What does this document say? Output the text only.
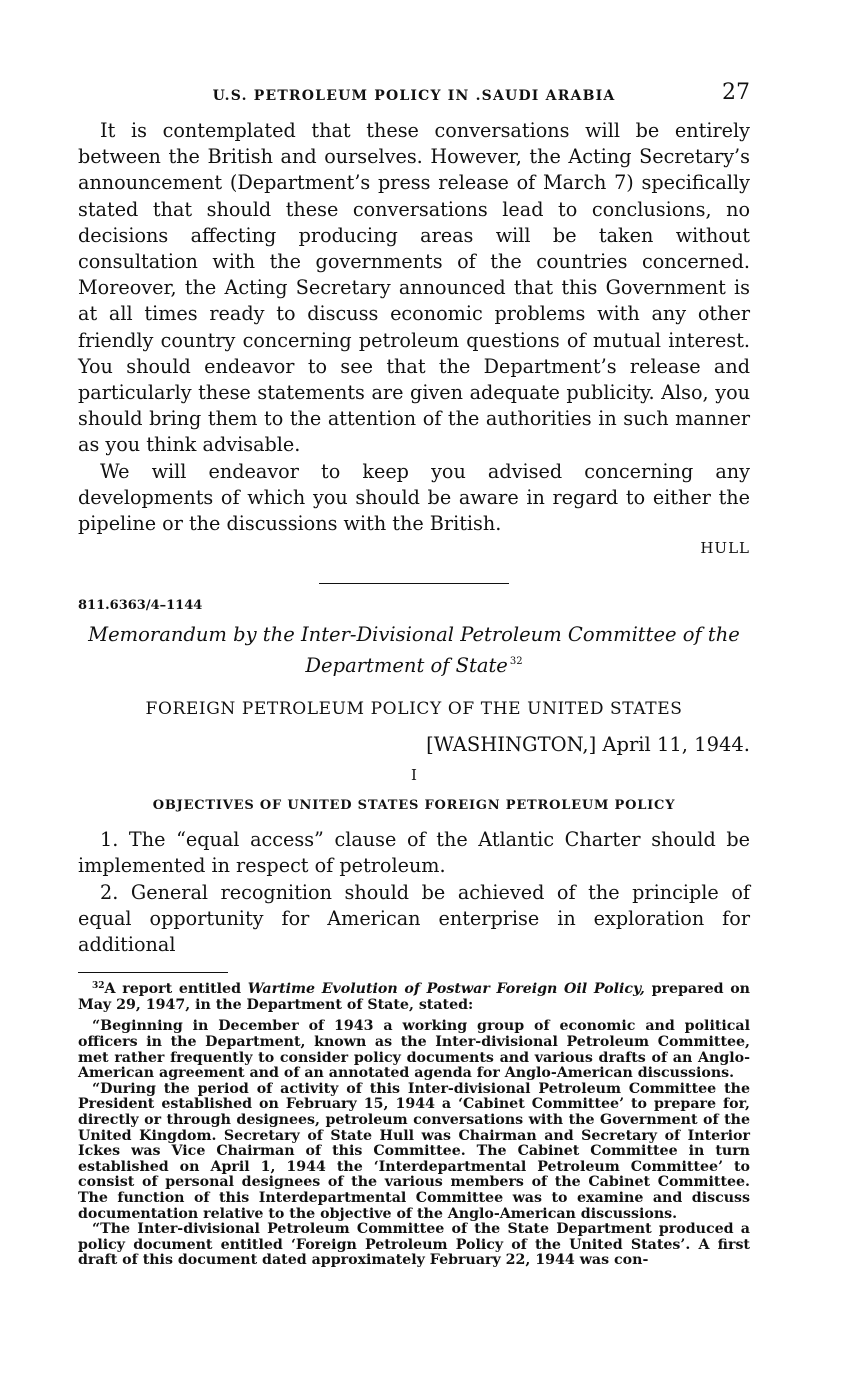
U.S. PETROLEUM POLICY IN .SAUDI ARABIA	27

It is contemplated that these conversations will be entirely between the British and ourselves. However, the Acting Secretary’s announcement (Department’s press release of March 7) specifically stated that should these conversations lead to conclusions, no decisions affecting producing areas will be taken without consultation with the governments of the countries concerned. Moreover, the Acting Secretary announced that this Government is at all times ready to discuss economic problems with any other friendly country concerning petroleum questions of mutual interest. You should endeavor to see that the Department’s release and particularly these statements are given adequate publicity. Also, you should bring them to the attention of the authorities in such manner as you think advisable.

We will endeavor to keep you advised concerning any developments of which you should be aware in regard to either the pipeline or the discussions with the British.

HULL
811.6363/4–1144

Memorandum by the Inter-Divisional Petroleum Committee of the
Department of State $^{32}$

FOREIGN PETROLEUM POLICY OF THE UNITED STATES
[WASHINGTON,] April 11, 1944.
I
OBJECTIVES OF UNITED STATES FOREIGN PETROLEUM POLICY

1. The “equal access” clause of the Atlantic Charter should be implemented in respect of petroleum.

2. General recognition should be achieved of the principle of equal opportunity for American enterprise in exploration for additional

$^{32}$A report entitled Wartime Evolution of Postwar Foreign Oil Policy, prepared on May 29, 1947, in the Department of State, stated:

“Beginning in December of 1943 a working group of economic and political officers in the Department, known as the Inter-divisional Petroleum Committee, met rather frequently to consider policy documents and various drafts of an Anglo-American agreement and of an annotated agenda for Anglo-American discussions.

“During the period of activity of this Inter-divisional Petroleum Committee the President established on February 15, 1944 a ‘Cabinet Committee’ to prepare for, directly or through designees, petroleum conversations with the Government of the United Kingdom. Secretary of State Hull was Chairman and Secretary of Interior Ickes was Vice Chairman of this Committee. The Cabinet Committee in turn established on April 1, 1944 the ‘Interdepartmental Petroleum Committee’ to consist of personal designees of the various members of the Cabinet Committee. The function of this Interdepartmental Committee was to examine and discuss documentation relative to the objective of the Anglo-American discussions.

“The Inter-divisional Petroleum Committee of the State Department produced a policy document entitled ‘Foreign Petroleum Policy of the United States’. A first draft of this document dated approximately February 22, 1944 was con-
